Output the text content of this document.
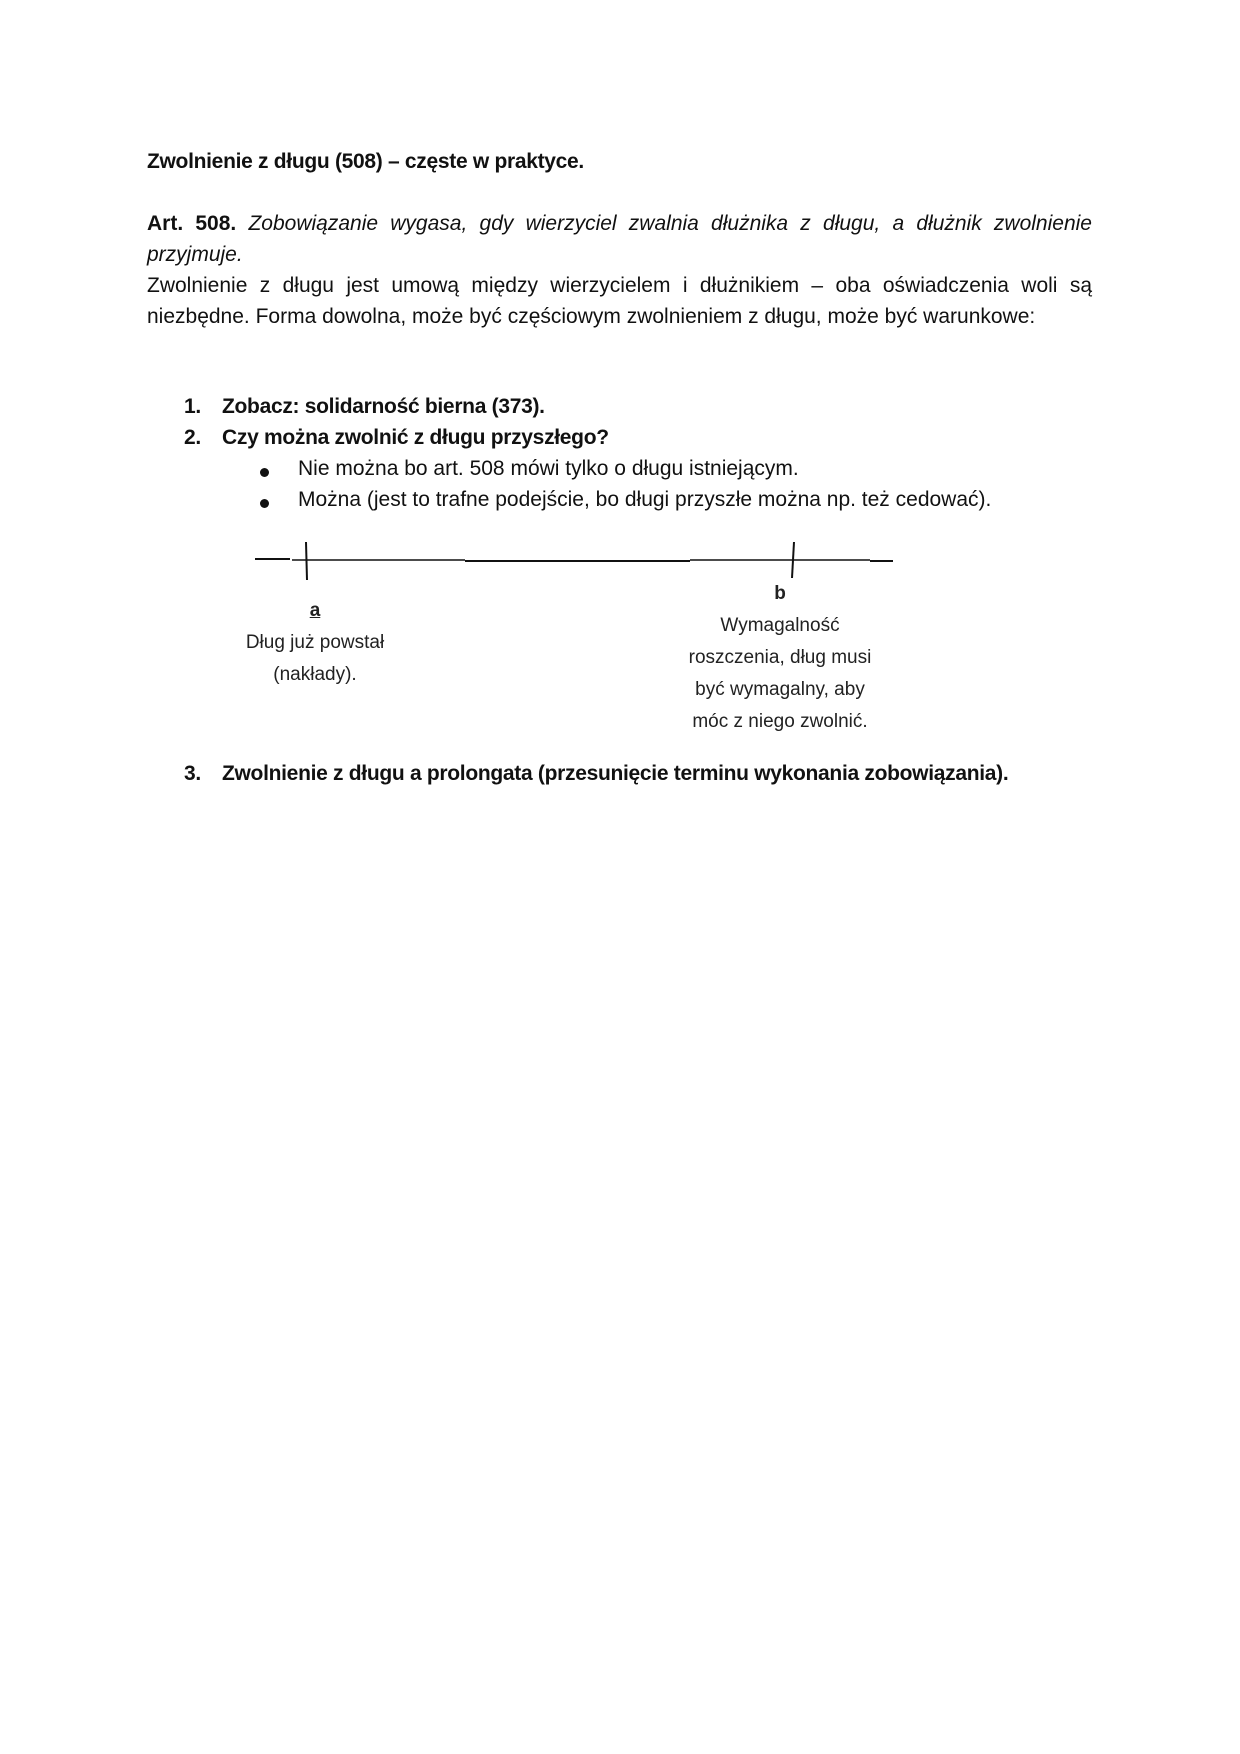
Zwolnienie z długu (508) – częste w praktyce.
Art. 508. Zobowiązanie wygasa, gdy wierzyciel zwalnia dłużnika z długu, a dłużnik zwolnienie przyjmuje.
Zwolnienie z długu jest umową między wierzycielem i dłużnikiem – oba oświadczenia woli są niezbędne. Forma dowolna, może być częściowym zwolnieniem z długu, może być warunkowe:
1. Zobacz: solidarność bierna (373).
2. Czy można zwolnić z długu przyszłego?
Nie można bo art. 508 mówi tylko o długu istniejącym.
Można (jest to trafne podejście, bo długi przyszłe można np. też cedować).
a
Dług już powstał
(nakłady).
b
Wymagalność
roszczenia, dług musi
być wymagalny, aby
móc z niego zwolnić.
3. Zwolnienie z długu a prolongata (przesunięcie terminu wykonania zobowiązania).
